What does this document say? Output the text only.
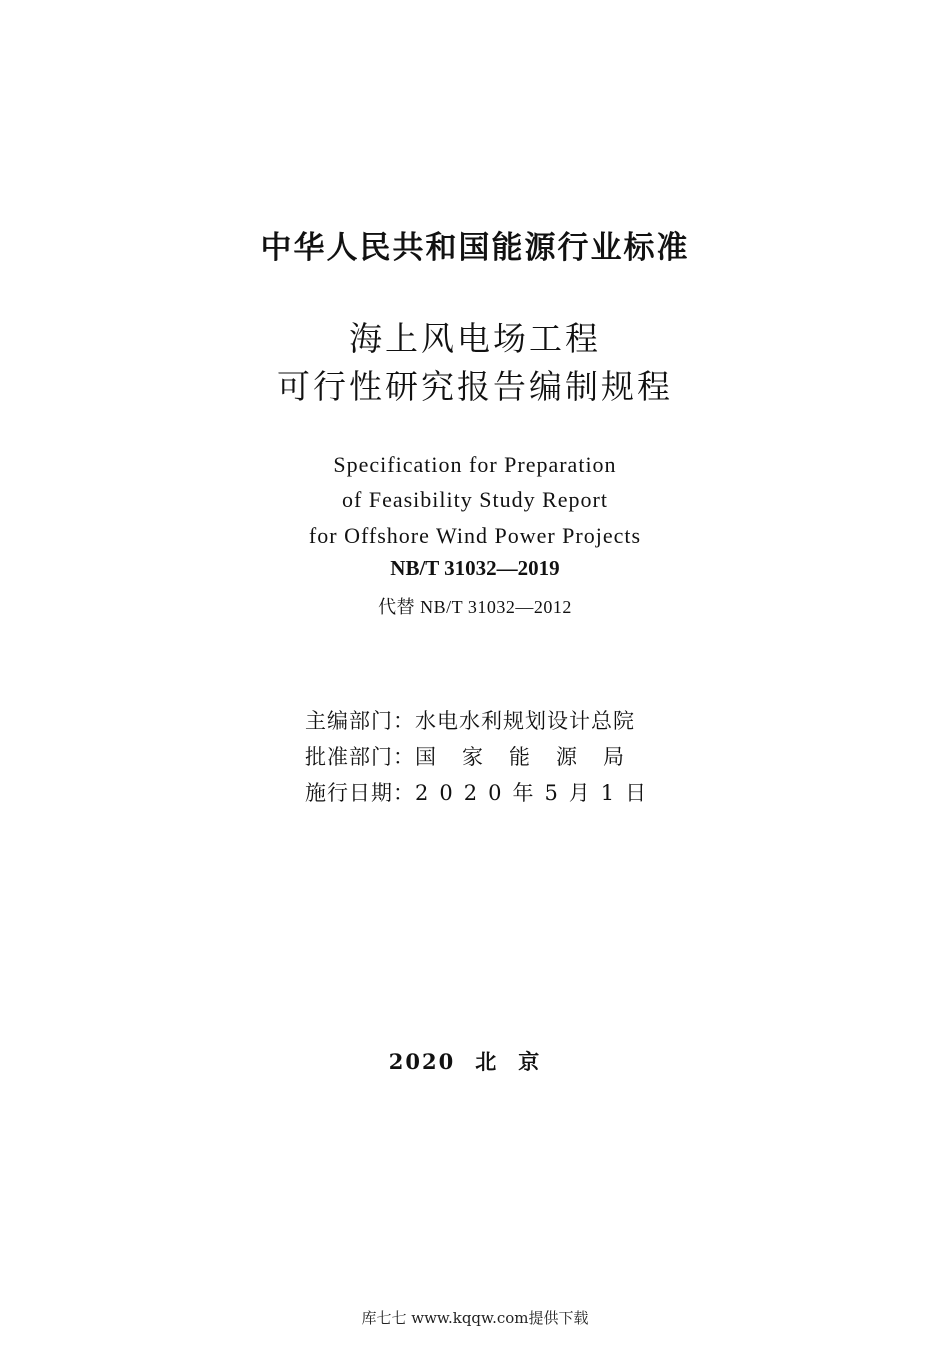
中华人民共和国能源行业标准
海上风电场工程
可行性研究报告编制规程
Specification for Preparation
of Feasibility Study Report
for Offshore Wind Power Projects
NB/T 31032—2019
代替 NB/T 31032—2012
主编部门：水电水利规划设计总院
批准部门：国家能源局
施行日期：2020年5月1日
2020 北京
库七七 www.kqqw.com提供下载
